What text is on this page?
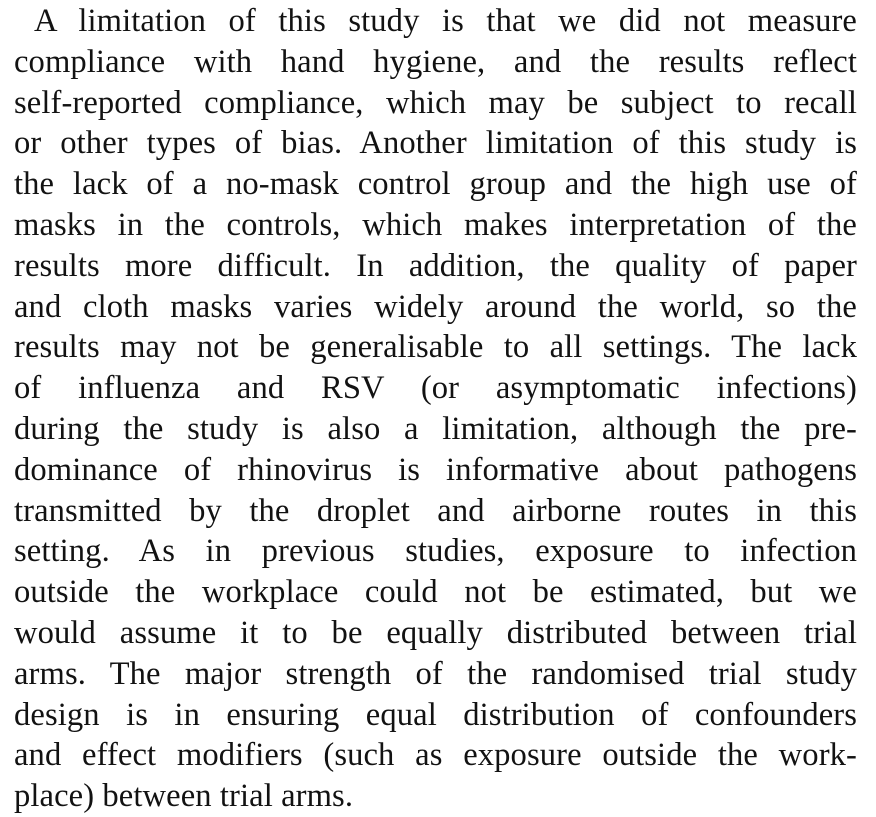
A limitation of this study is that we did not measure
compliance with hand hygiene, and the results reflect
self-reported compliance, which may be subject to recall
or other types of bias. Another limitation of this study is
the lack of a no-mask control group and the high use of
masks in the controls, which makes interpretation of the
results more difficult. In addition, the quality of paper
and cloth masks varies widely around the world, so the
results may not be generalisable to all settings. The lack
of influenza and RSV (or asymptomatic infections)
during the study is also a limitation, although the pre-
dominance of rhinovirus is informative about pathogens
transmitted by the droplet and airborne routes in this
setting. As in previous studies, exposure to infection
outside the workplace could not be estimated, but we
would assume it to be equally distributed between trial
arms. The major strength of the randomised trial study
design is in ensuring equal distribution of confounders
and effect modifiers (such as exposure outside the work-
place) between trial arms.
